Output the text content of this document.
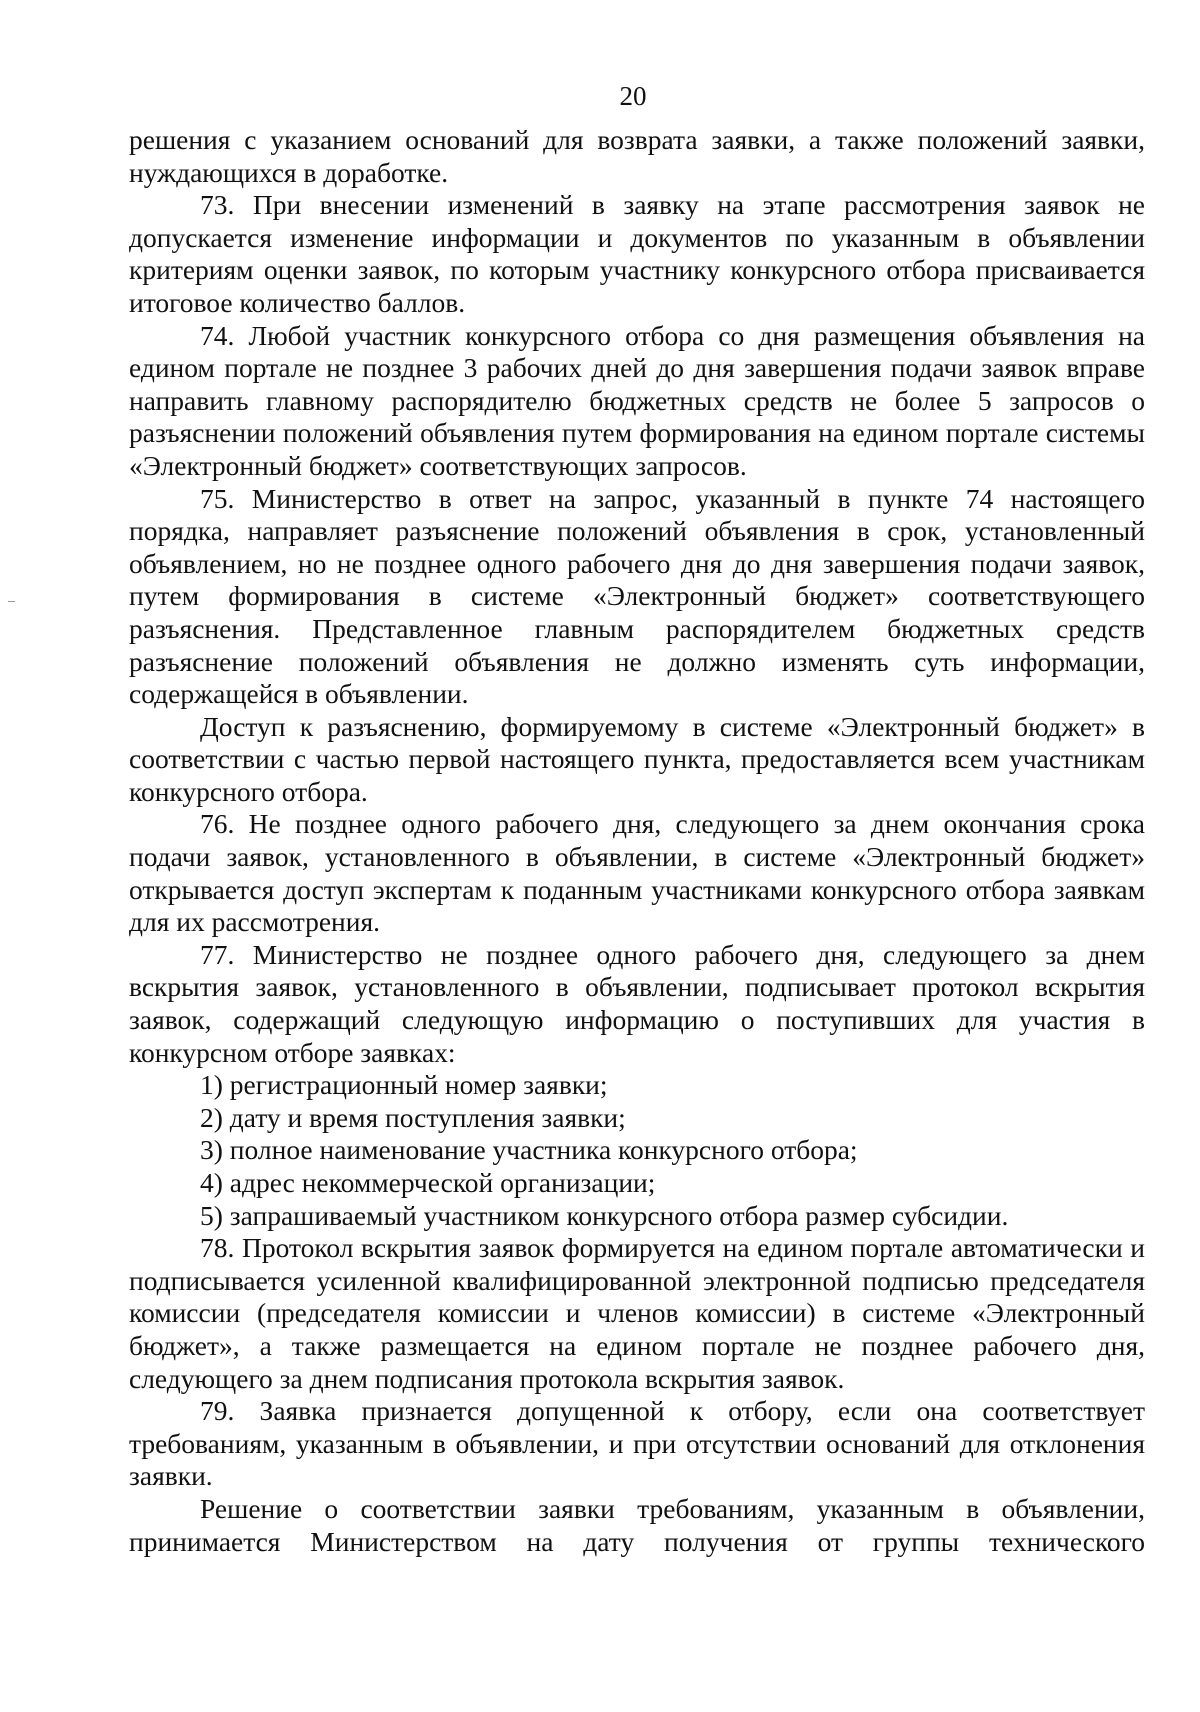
20

решения с указанием оснований для возврата заявки, а также положений заявки, нуждающихся в доработке.

73. При внесении изменений в заявку на этапе рассмотрения заявок не допускается изменение информации и документов по указанным в объявлении критериям оценки заявок, по которым участнику конкурсного отбора присваивается итоговое количество баллов.

74. Любой участник конкурсного отбора со дня размещения объявления на едином портале не позднее 3 рабочих дней до дня завершения подачи заявок вправе направить главному распорядителю бюджетных средств не более 5 запросов о разъяснении положений объявления путем формирования на едином портале системы «Электронный бюджет» соответствующих запросов.

75. Министерство в ответ на запрос, указанный в пункте 74 настоящего порядка, направляет разъяснение положений объявления в срок, установленный объявлением, но не позднее одного рабочего дня до дня завершения подачи заявок, путем формирования в системе «Электронный бюджет» соответствующего разъяснения. Представленное главным распорядителем бюджетных средств разъяснение положений объявления не должно изменять суть информации, содержащейся в объявлении.

Доступ к разъяснению, формируемому в системе «Электронный бюджет» в соответствии с частью первой настоящего пункта, предоставляется всем участникам конкурсного отбора.

76. Не позднее одного рабочего дня, следующего за днем окончания срока подачи заявок, установленного в объявлении, в системе «Электронный бюджет» открывается доступ экспертам к поданным участниками конкурсного отбора заявкам для их рассмотрения.

77. Министерство не позднее одного рабочего дня, следующего за днем вскрытия заявок, установленного в объявлении, подписывает протокол вскрытия заявок, содержащий следующую информацию о поступивших для участия в конкурсном отборе заявках:

1) регистрационный номер заявки;

2) дату и время поступления заявки;

3) полное наименование участника конкурсного отбора;

4) адрес некоммерческой организации;

5) запрашиваемый участником конкурсного отбора размер субсидии.

78. Протокол вскрытия заявок формируется на едином портале автоматически и подписывается усиленной квалифицированной электронной подписью председателя комиссии (председателя комиссии и членов комиссии) в системе «Электронный бюджет», а также размещается на едином портале не позднее рабочего дня, следующего за днем подписания протокола вскрытия заявок.

79. Заявка признается допущенной к отбору, если она соответствует требованиям, указанным в объявлении, и при отсутствии оснований для отклонения заявки.

Решение о соответствии заявки требованиям, указанным в объявлении, принимается Министерством на дату получения от группы технического
